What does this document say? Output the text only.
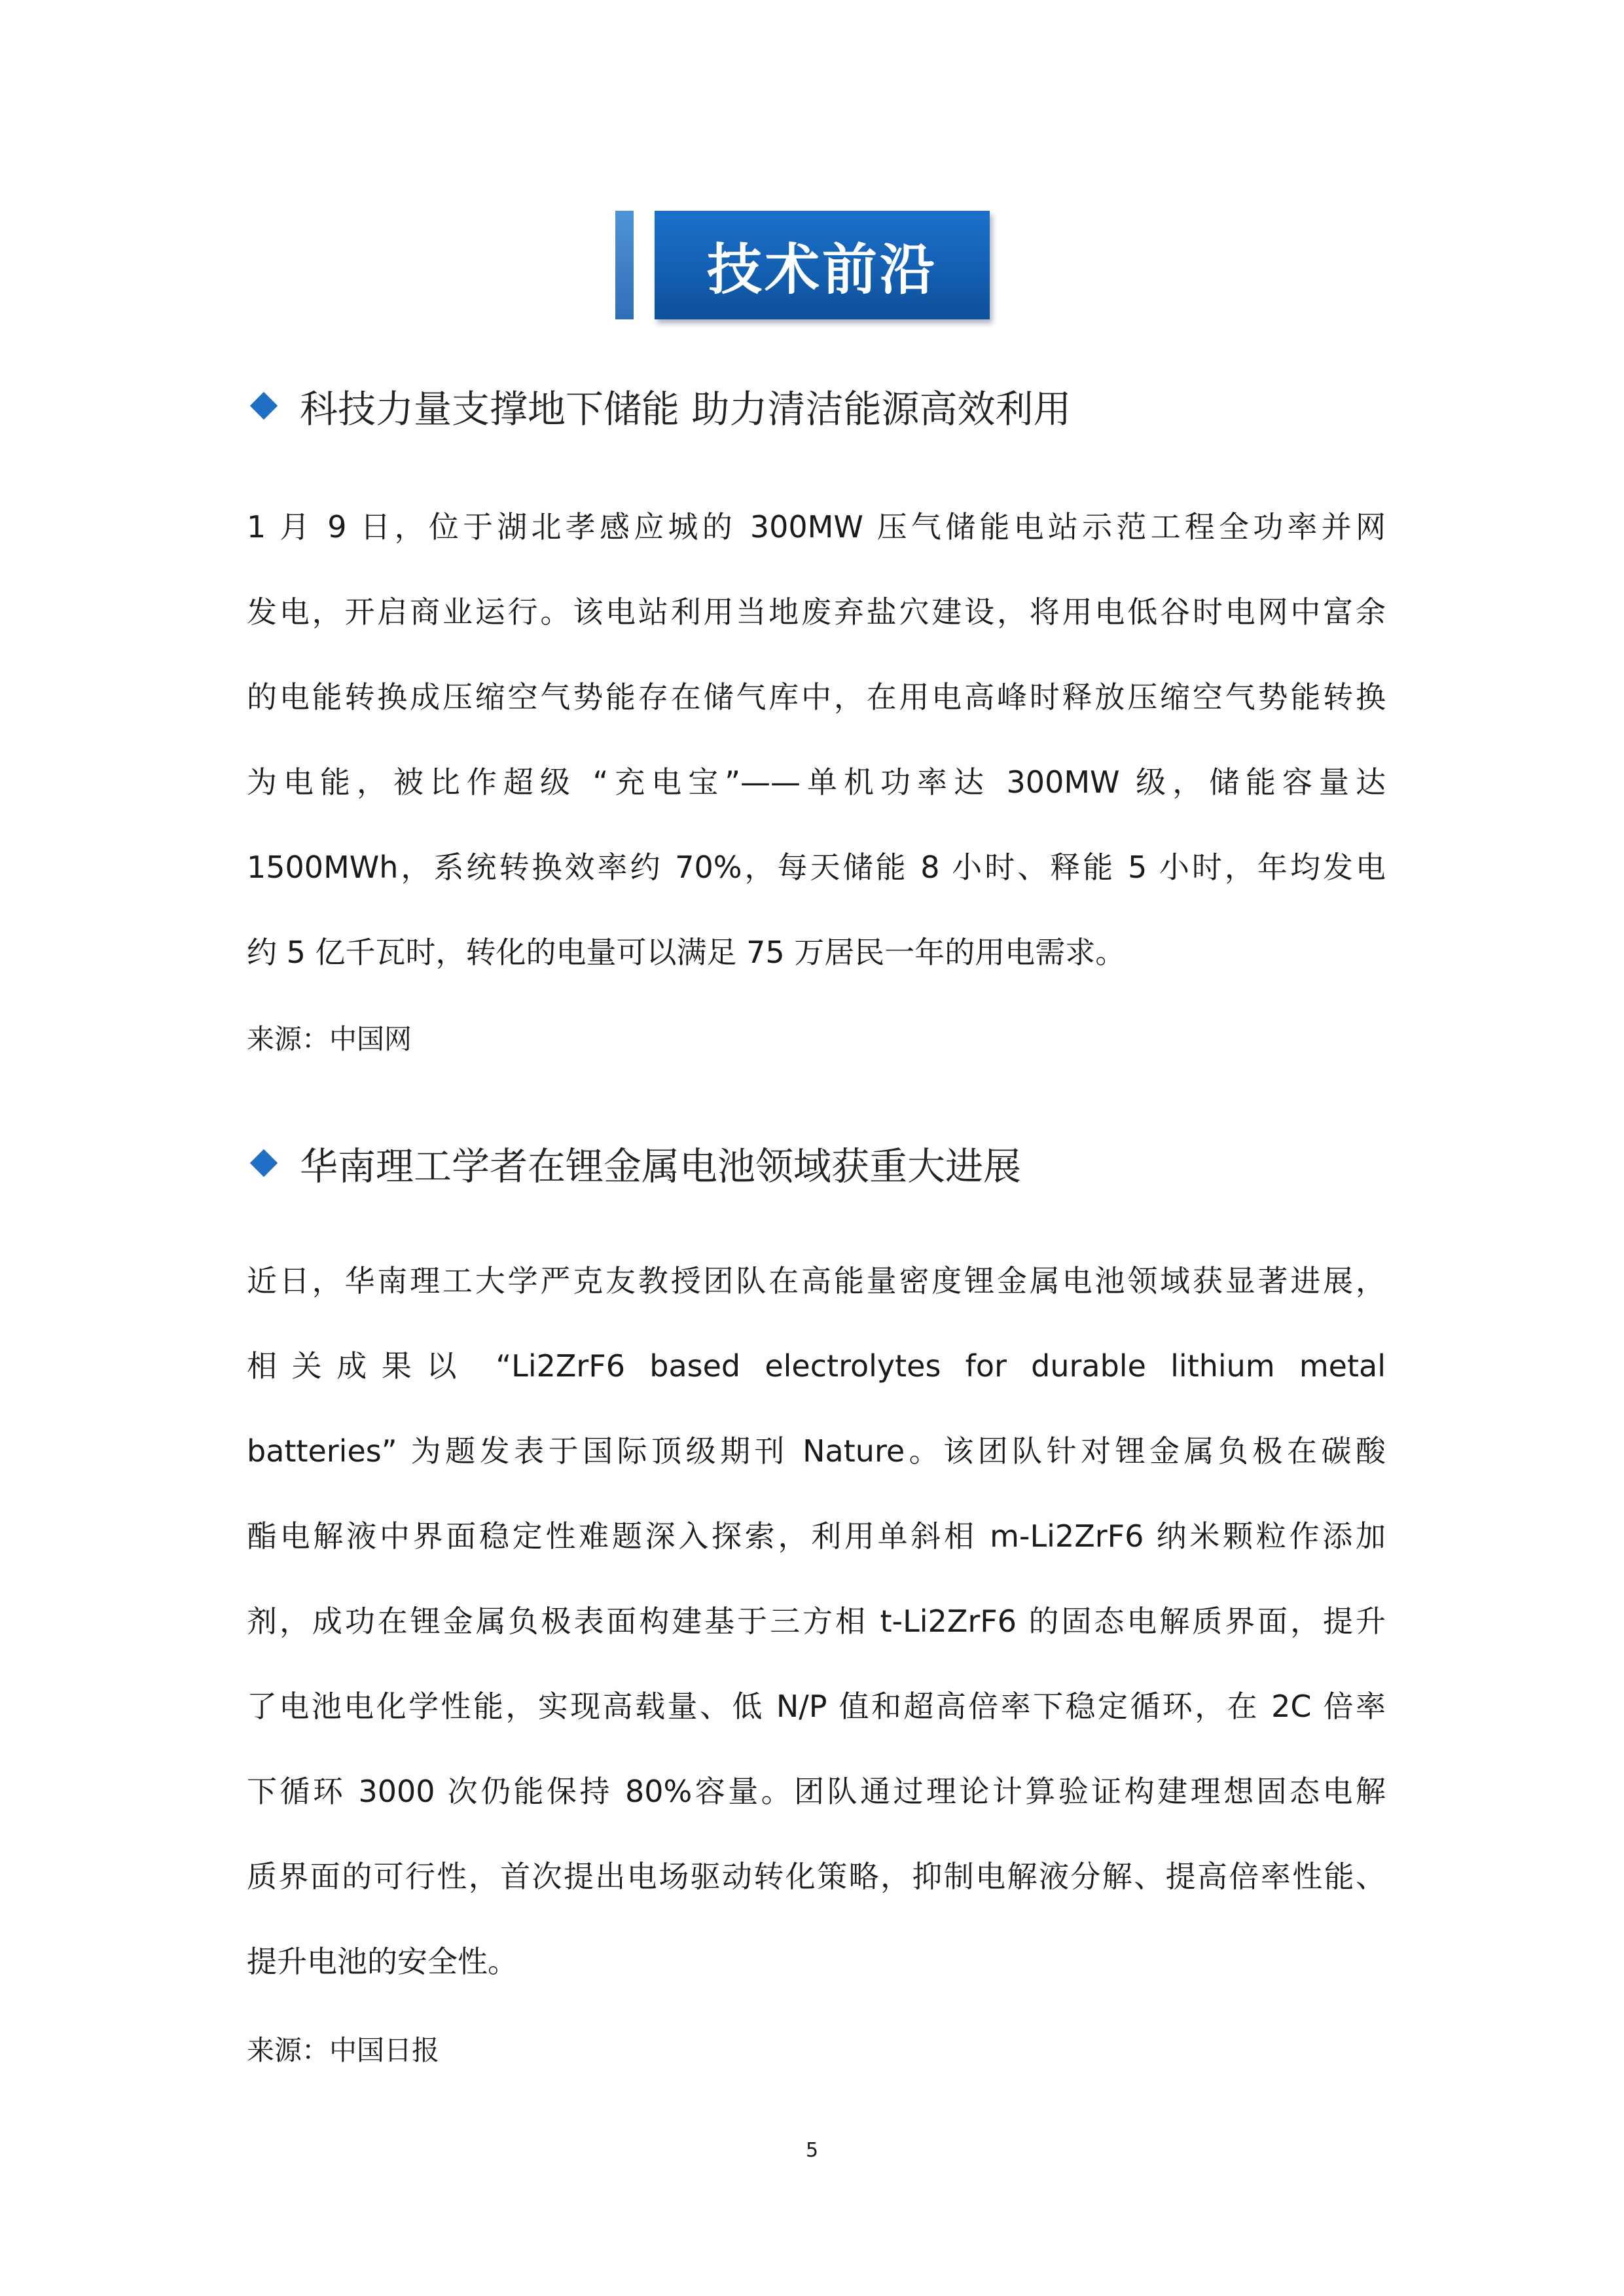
技术前沿
科技力量支撑地下储能 助力清洁能源高效利用
1 月 9 日，位于湖北孝感应城的 300MW 压气储能电站示范工程全功率并网
发电，开启商业运行。该电站利用当地废弃盐穴建设，将用电低谷时电网中富余
的电能转换成压缩空气势能存在储气库中，在用电高峰时释放压缩空气势能转换
为电能，被比作超级 “充电宝”——单机功率达 300MW 级，储能容量达
1500MWh，系统转换效率约 70%，每天储能 8 小时、释能 5 小时，年均发电
约 5 亿千瓦时，转化的电量可以满足 75 万居民一年的用电需求。
来源：中国网
华南理工学者在锂金属电池领域获重大进展
近日，华南理工大学严克友教授团队在高能量密度锂金属电池领域获显著进展，
相关成果以 “Li2ZrF6 based electrolytes for durable lithium metal
batteries” 为题发表于国际顶级期刊 Nature。该团队针对锂金属负极在碳酸
酯电解液中界面稳定性难题深入探索，利用单斜相 m-Li2ZrF6 纳米颗粒作添加
剂，成功在锂金属负极表面构建基于三方相 t-Li2ZrF6 的固态电解质界面，提升
了电池电化学性能，实现高载量、低 N/P 值和超高倍率下稳定循环，在 2C 倍率
下循环 3000 次仍能保持 80%容量。团队通过理论计算验证构建理想固态电解
质界面的可行性，首次提出电场驱动转化策略，抑制电解液分解、提高倍率性能、
提升电池的安全性。
来源：中国日报
5
